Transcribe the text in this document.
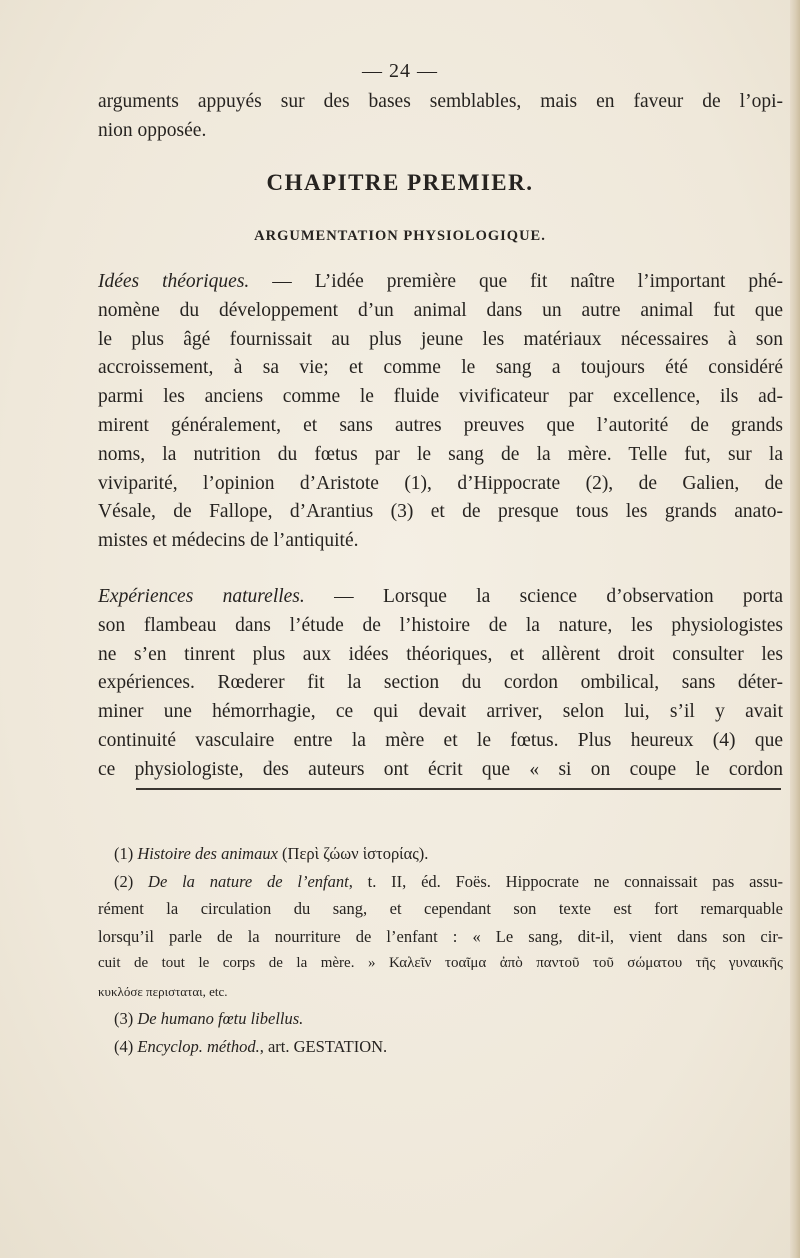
— 24 —
arguments appuyés sur des bases semblables, mais en faveur de l’opi-
nion opposée.
CHAPITRE PREMIER.
ARGUMENTATION PHYSIOLOGIQUE.
Idées théoriques. — L’idée première que fit naître l’important phé-
nomène du développement d’un animal dans un autre animal fut que
le plus âgé fournissait au plus jeune les matériaux nécessaires à son
accroissement, à sa vie; et comme le sang a toujours été considéré
parmi les anciens comme le fluide vivificateur par excellence, ils ad-
mirent généralement, et sans autres preuves que l’autorité de grands
noms, la nutrition du fœtus par le sang de la mère. Telle fut, sur la
viviparité, l’opinion d’Aristote (1), d’Hippocrate (2), de Galien, de
Vésale, de Fallope, d’Arantius (3) et de presque tous les grands anato-
mistes et médecins de l’antiquité.
Expériences naturelles. — Lorsque la science d’observation porta
son flambeau dans l’étude de l’histoire de la nature, les physiologistes
ne s’en tinrent plus aux idées théoriques, et allèrent droit consulter les
expériences. Rœderer fit la section du cordon ombilical, sans déter-
miner une hémorrhagie, ce qui devait arriver, selon lui, s’il y avait
continuité vasculaire entre la mère et le fœtus. Plus heureux (4) que
ce physiologiste, des auteurs ont écrit que « si on coupe le cordon
(1) Histoire des animaux (Περὶ ζώων ἱστορίας).
(2) De la nature de l’enfant, t. II, éd. Foës. Hippocrate ne connaissait pas assu-
rément la circulation du sang, et cependant son texte est fort remarquable
lorsqu’il parle de la nourriture de l’enfant : « Le sang, dit-il, vient dans son cir-
cuit de tout le corps de la mère. » Καλεῖν τοαῖμα ἀπὸ παντοῦ τοῦ σώματου τῆς γυναικῆς
κυκλόσε περισταται, etc.
(3) De humano fœtu libellus.
(4) Encyclop. méthod., art. GESTATION.
